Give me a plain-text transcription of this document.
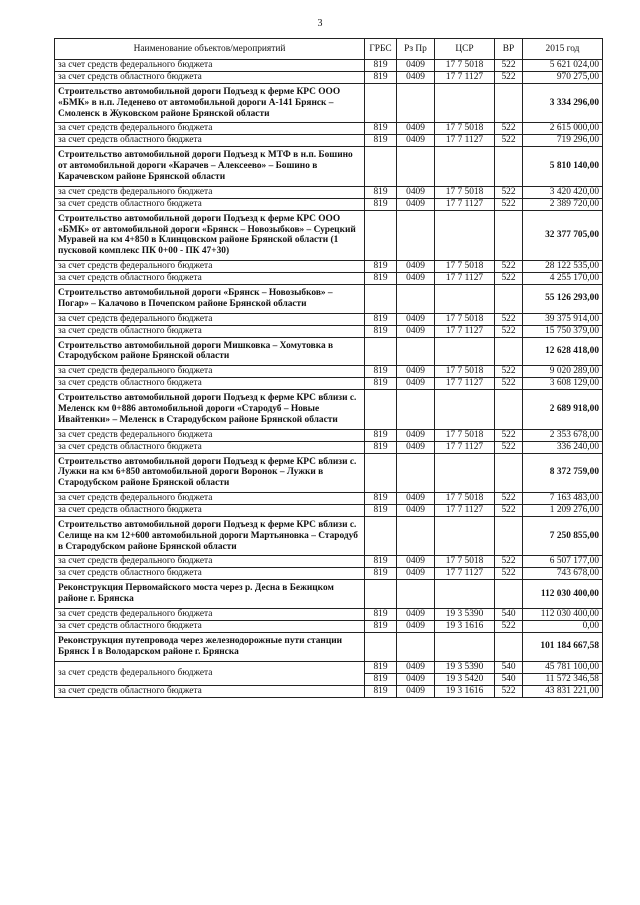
3
Наименование объектов/мероприятий	ГРБС	Рз Пр	ЦСР	ВР	2015 год
за счет средств федерального бюджета	819	0409	17 7 5018	522	5 621 024,00
за счет средств областного бюджета	819	0409	17 7 1127	522	970 275,00
Строительство автомобильной дороги Подъезд к ферме КРС ООО «БМК» в н.п. Леденево от автомобильной дороги А-141 Брянск – Смоленск в Жуковском районе Брянской области					3 334 296,00
за счет средств федерального бюджета	819	0409	17 7 5018	522	2 615 000,00
за счет средств областного бюджета	819	0409	17 7 1127	522	719 296,00
Строительство автомобильной дороги Подъезд к МТФ в н.п. Бошино от автомобильной дороги «Карачев – Алексеево» – Бошино в Карачевском районе Брянской области					5 810 140,00
за счет средств федерального бюджета	819	0409	17 7 5018	522	3 420 420,00
за счет средств областного бюджета	819	0409	17 7 1127	522	2 389 720,00
Строительство автомобильной дороги Подъезд к ферме КРС ООО «БМК» от автомобильной дороги «Брянск – Новозыбков» – Сурецкий Муравей на км 4+850 в Клинцовском районе Брянской области (1 пусковой комплекс ПК 0+00 - ПК 47+30)					32 377 705,00
за счет средств федерального бюджета	819	0409	17 7 5018	522	28 122 535,00
за счет средств областного бюджета	819	0409	17 7 1127	522	4 255 170,00
Строительство автомобильной дороги «Брянск – Новозыбков» – Погар» – Калачово в Почепском районе Брянской области					55 126 293,00
за счет средств федерального бюджета	819	0409	17 7 5018	522	39 375 914,00
за счет средств областного бюджета	819	0409	17 7 1127	522	15 750 379,00
Строительство автомобильной дороги Мишковка – Хомутовка в Стародубском районе Брянской области					12 628 418,00
за счет средств федерального бюджета	819	0409	17 7 5018	522	9 020 289,00
за счет средств областного бюджета	819	0409	17 7 1127	522	3 608 129,00
Строительство автомобильной дороги Подъезд к ферме КРС вблизи с. Меленск км 0+886 автомобильной дороги «Стародуб – Новые Ивайтенки» – Меленск в Стародубском районе Брянской области					2 689 918,00
за счет средств федерального бюджета	819	0409	17 7 5018	522	2 353 678,00
за счет средств областного бюджета	819	0409	17 7 1127	522	336 240,00
Строительство автомобильной дороги Подъезд к ферме КРС вблизи с. Лужки на км 6+850 автомобильной дороги Воронок – Лужки в Стародубском районе Брянской области					8 372 759,00
за счет средств федерального бюджета	819	0409	17 7 5018	522	7 163 483,00
за счет средств областного бюджета	819	0409	17 7 1127	522	1 209 276,00
Строительство автомобильной дороги Подъезд к ферме КРС вблизи с. Селище на км 12+600 автомобильной дороги Мартьяновка – Стародуб в Стародубском районе Брянской области					7 250 855,00
за счет средств федерального бюджета	819	0409	17 7 5018	522	6 507 177,00
за счет средств областного бюджета	819	0409	17 7 1127	522	743 678,00
Реконструкция Первомайского моста через р. Десна в Бежицком районе г. Брянска					112 030 400,00
за счет средств федерального бюджета	819	0409	19 3 5390	540	112 030 400,00
за счет средств областного бюджета	819	0409	19 3 1616	522	0,00
Реконструкция путепровода через железнодорожные пути станции Брянск I в Володарском районе г. Брянска					101 184 667,58
за счет средств федерального бюджета	819	0409	19 3 5390	540	45 781 100,00
	819	0409	19 3 5420	540	11 572 346,58
за счет средств областного бюджета	819	0409	19 3 1616	522	43 831 221,00
